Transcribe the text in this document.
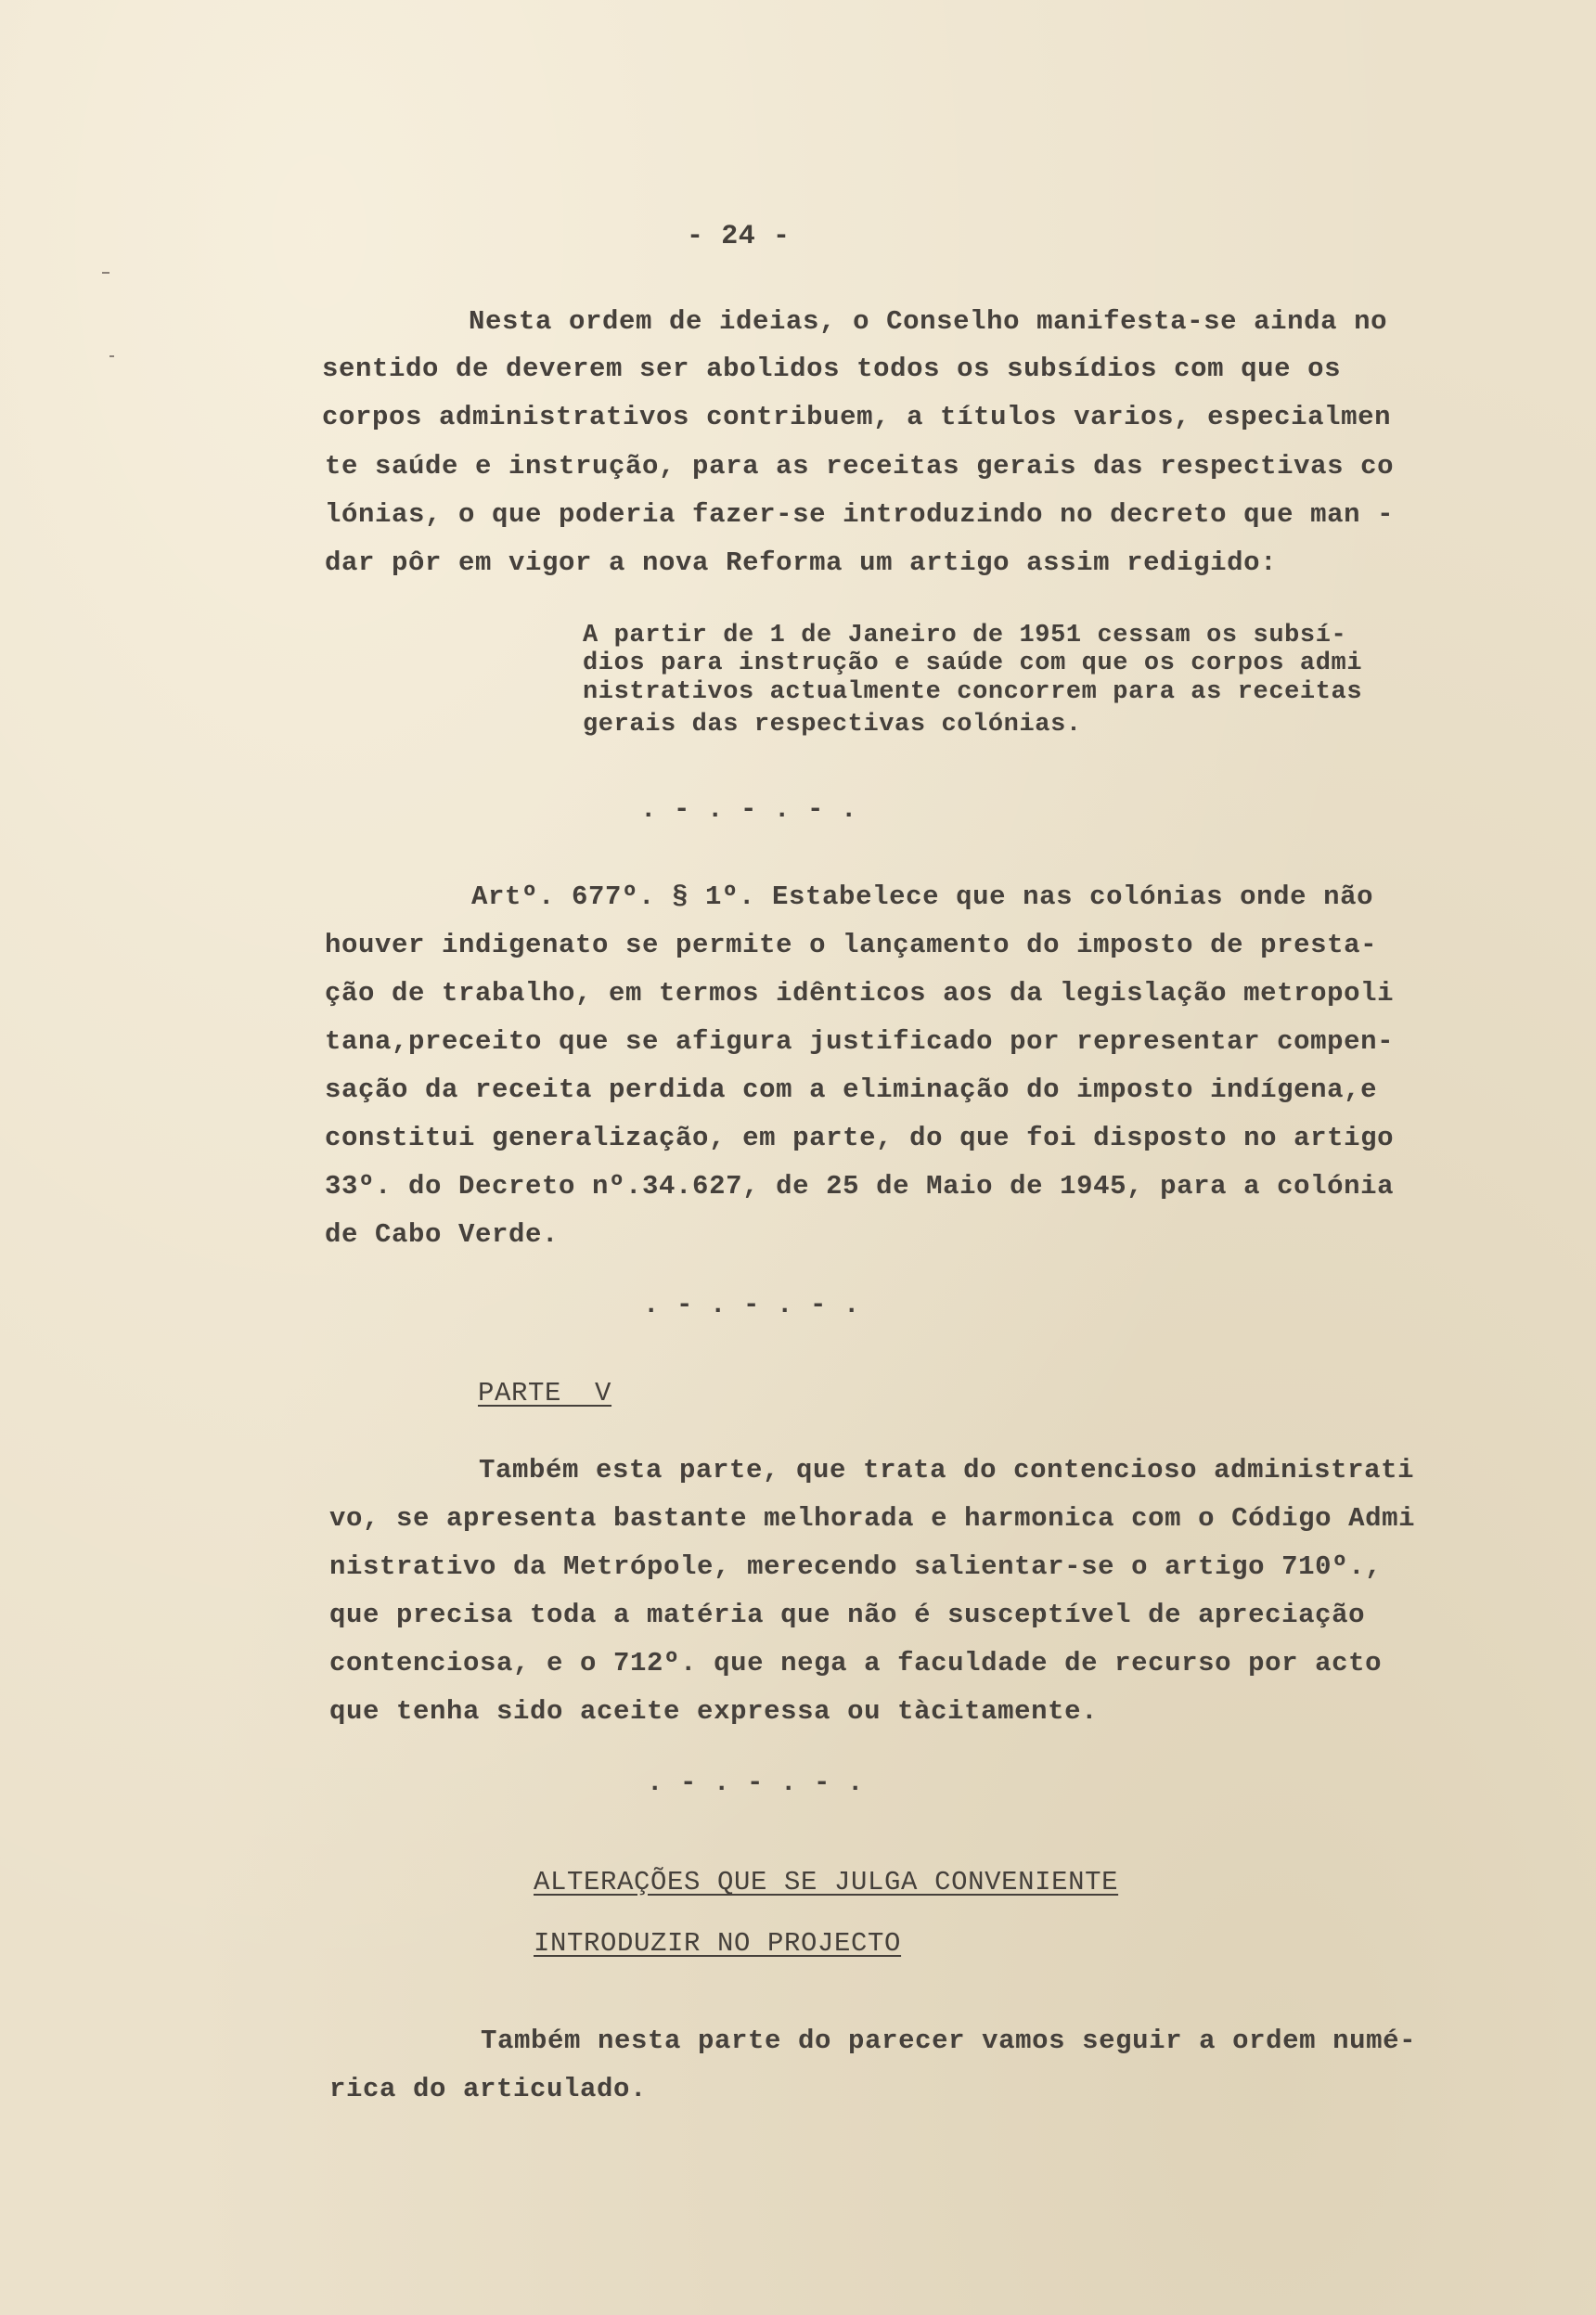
- 24 -
Nesta ordem de ideias, o Conselho manifesta-se ainda no
sentido de deverem ser abolidos todos os subsídios com que os
corpos administrativos contribuem, a títulos varios, especialmen
te saúde e instrução, para as receitas gerais das respectivas co
lónias, o que poderia fazer-se introduzindo no decreto que man -
dar pôr em vigor a nova Reforma um artigo assim redigido:
A partir de 1 de Janeiro de 1951 cessam os subsí-
dios para instrução e saúde com que os corpos admi
nistrativos actualmente concorrem para as receitas
gerais das respectivas colónias.
. - . - . - .
Artº. 677º. § 1º. Estabelece que nas colónias onde não
houver indigenato se permite o lançamento do imposto de presta-
ção de trabalho, em termos idênticos aos da legislação metropoli
tana,preceito que se afigura justificado por representar compen-
sação da receita perdida com a eliminação do imposto indígena,e
constitui generalização, em parte, do que foi disposto no artigo
33º. do Decreto nº.34.627, de 25 de Maio de 1945, para a colónia
de Cabo Verde.
. - . - . - .
PARTE  V
Também esta parte, que trata do contencioso administrati
vo, se apresenta bastante melhorada e harmonica com o Código Admi
nistrativo da Metrópole, merecendo salientar-se o artigo 710º.,
que precisa toda a matéria que não é susceptível de apreciação
contenciosa, e o 712º. que nega a faculdade de recurso por acto
que tenha sido aceite expressa ou tàcitamente.
. - . - . - .
ALTERAÇÕES QUE SE JULGA CONVENIENTE
INTRODUZIR NO PROJECTO
Também nesta parte do parecer vamos seguir a ordem numé-
rica do articulado.
